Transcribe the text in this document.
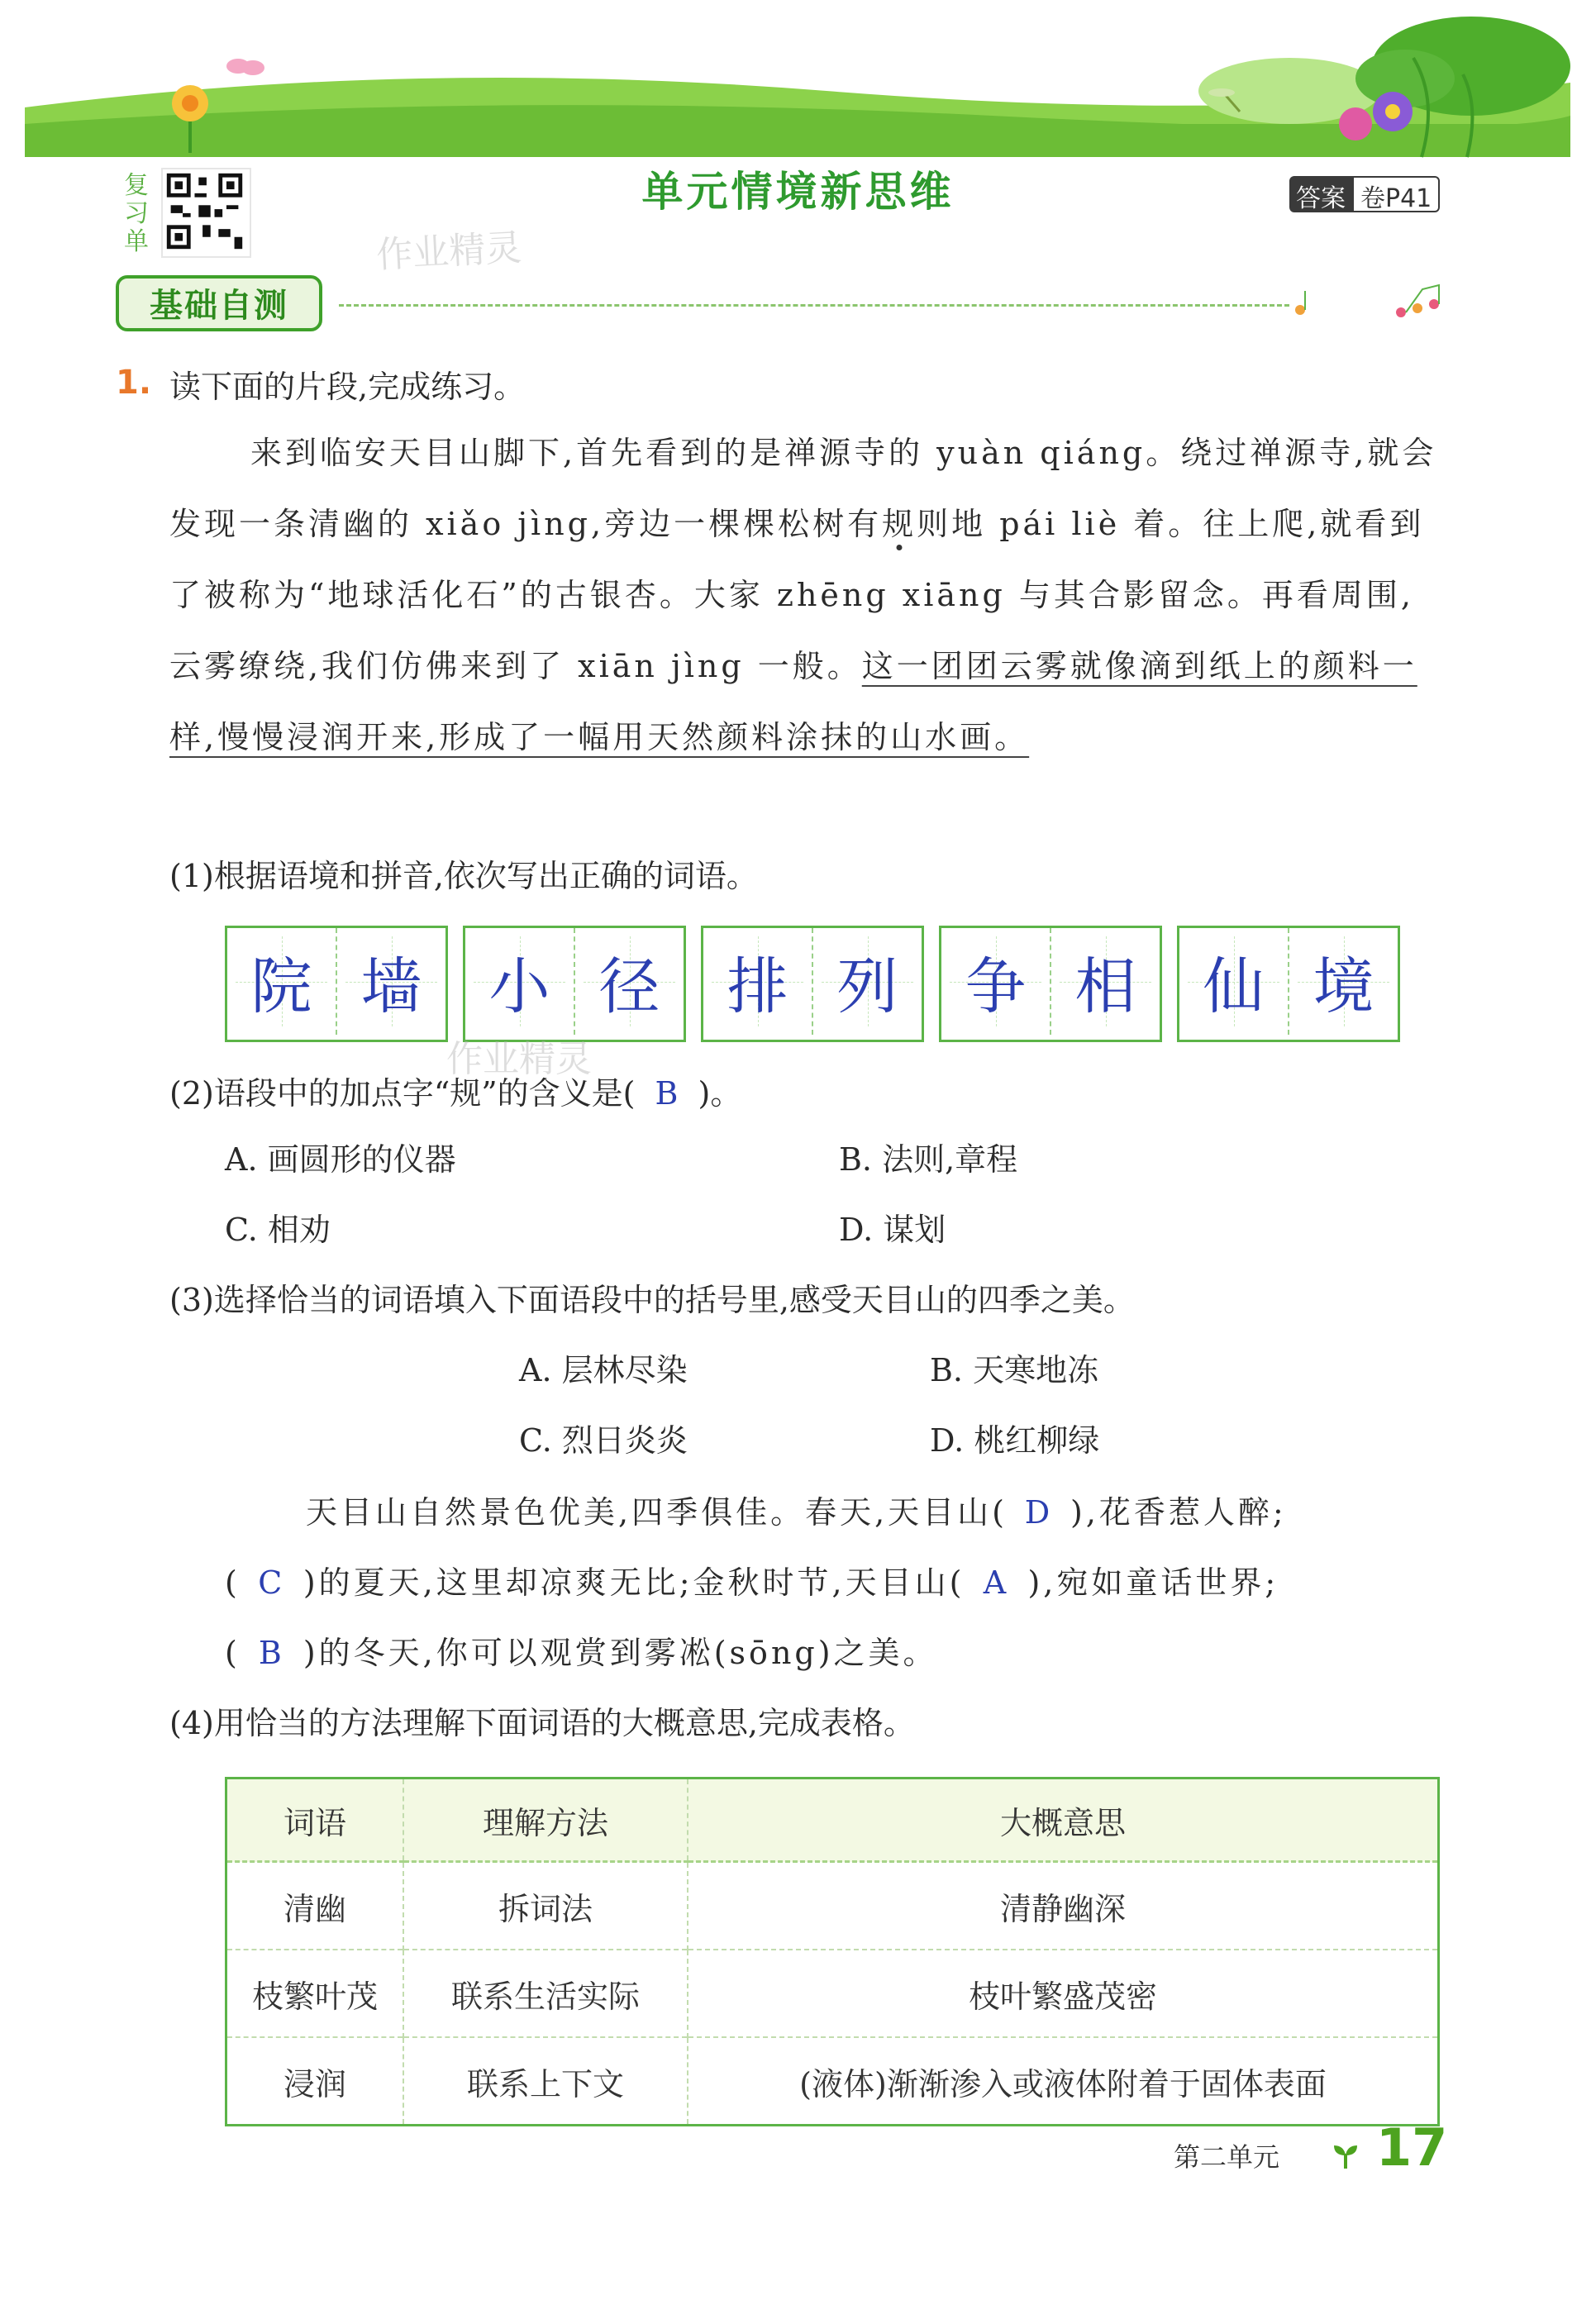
复习单
单元情境新思维	答案 卷P41
作业精灵
基础自测
1. 读下面的片段,完成练习。
来到临安天目山脚下,首先看到的是禅源寺的 yuàn qiáng。绕过禅源寺,就会发现一条清幽的 xiǎo jìng,旁边一棵棵松树有规则地 pái liè 着。往上爬,就看到了被称为“地球活化石”的古银杏。大家 zhēng xiāng 与其合影留念。再看周围,云雾缭绕,我们仿佛来到了 xiān jìng 一般。这一团团云雾就像滴到纸上的颜料一样,慢慢浸润开来,形成了一幅用天然颜料涂抹的山水画。
(1)根据语境和拼音,依次写出正确的词语。
院 墙 小 径 排 列 争 相 仙 境
作业精灵
(2)语段中的加点字“规”的含义是( B )。
A. 画圆形的仪器	B. 法则,章程
C. 相劝	D. 谋划
(3)选择恰当的词语填入下面语段中的括号里,感受天目山的四季之美。
A. 层林尽染	B. 天寒地冻
C. 烈日炎炎	D. 桃红柳绿
天目山自然景色优美,四季俱佳。春天,天目山( D ),花香惹人醉;
( C )的夏天,这里却凉爽无比;金秋时节,天目山( A ),宛如童话世界;
( B )的冬天,你可以观赏到雾凇(sōng)之美。
(4)用恰当的方法理解下面词语的大概意思,完成表格。
词语	理解方法	大概意思
清幽	拆词法	清静幽深
枝繁叶茂	联系生活实际	枝叶繁盛茂密
浸润	联系上下文	(液体)渐渐渗入或液体附着于固体表面
第二单元 17
